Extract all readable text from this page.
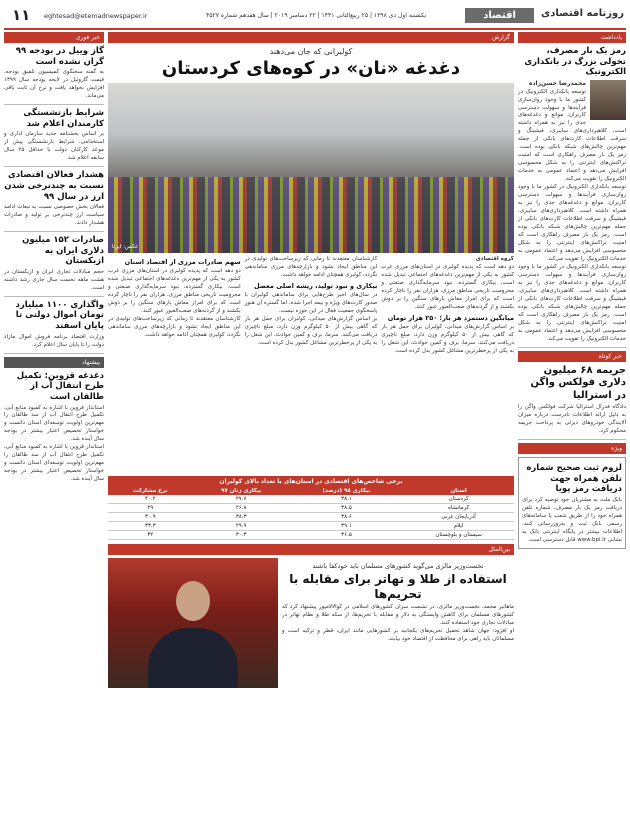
روزنامه اقتصادی
اقتصاد
یکشنبه اول دی ۱۳۹۸ | ۲۵ ربیع‌الثانی ۱۴۴۱ | ۲۲ دسامبر ۲۰۱۹ | سال هفدهم شماره ۴۵۲۷
eghtesad@etemadnewspaper.ir
۱۱
یادداشت
رمز یک بار مصرف، تحولی بزرگ در بانکداری الکترونیک
محمدرضا حسن‌زاده
توسعه بانکداری الکترونیک در کشور ما با وجود روان‌سازی فرآیندها و سهولت دسترسی کاربران، موانع و دغدغه‌های جدی را نیز به همراه داشته است. کلاهبرداری‌های سایبری، فیشینگ و سرقت اطلاعات کارت‌های بانکی از جمله مهم‌ترین چالش‌های شبکه بانکی بوده است. رمز یک بار مصرف راهکاری است که امنیت تراکنش‌های اینترنتی را به شکل محسوسی افزایش می‌دهد و اعتماد عمومی به خدمات الکترونیک را تقویت می‌کند.
توسعه بانکداری الکترونیک در کشور ما با وجود روان‌سازی فرآیندها و سهولت دسترسی کاربران، موانع و دغدغه‌های جدی را نیز به همراه داشته است. کلاهبرداری‌های سایبری، فیشینگ و سرقت اطلاعات کارت‌های بانکی از جمله مهم‌ترین چالش‌های شبکه بانکی بوده است. رمز یک بار مصرف راهکاری است که امنیت تراکنش‌های اینترنتی را به شکل محسوسی افزایش می‌دهد و اعتماد عمومی به خدمات الکترونیک را تقویت می‌کند.
توسعه بانکداری الکترونیک در کشور ما با وجود روان‌سازی فرآیندها و سهولت دسترسی کاربران، موانع و دغدغه‌های جدی را نیز به همراه داشته است. کلاهبرداری‌های سایبری، فیشینگ و سرقت اطلاعات کارت‌های بانکی از جمله مهم‌ترین چالش‌های شبکه بانکی بوده است. رمز یک بار مصرف راهکاری است که امنیت تراکنش‌های اینترنتی را به شکل محسوسی افزایش می‌دهد و اعتماد عمومی به خدمات الکترونیک را تقویت می‌کند.
خبر کوتاه
جریمه ۶۸ میلیون دلاری فولکس واگن در استرالیا
دادگاه فدرال استرالیا شرکت فولکس واگن را به دلیل ارائه اطلاعات نادرست درباره میزان آلایندگی خودروهای دیزلی به پرداخت جریمه محکوم کرد.
ویژه
لزوم ثبت صحیح شماره تلفن همراه جهت دریافت رمز پویا
بانک ملت به مشتریان خود توصیه کرد برای دریافت رمز یک بار مصرف، شماره تلفن همراه خود را از طریق شعب یا سامانه‌های رسمی بانک ثبت و به‌روزرسانی کنند. اطلاعات بیشتر در پایگاه اینترنتی بانک به نشانی www.bpi.ir قابل دسترسی است.
گزارش
کولبرانی که جان می‌دهند
دغدغه «نان» در کوه‌های کردستان
عکس: ایرنا
گروه اقتصادی
دو دهه است که پدیده کولبری در استان‌های مرزی غرب کشور به یکی از مهم‌ترین دغدغه‌های اجتماعی تبدیل شده است. بیکاری گسترده، نبود سرمایه‌گذاری صنعتی و محرومیت تاریخی مناطق مرزی، هزاران نفر را ناچار کرده است که برای امرار معاش بارهای سنگین را بر دوش بکشند و از گردنه‌های صعب‌العبور عبور کنند.
میانگین دستمزد هر بار؛ ۲۵۰ هزار تومان
بر اساس گزارش‌های میدانی، کولبران برای حمل هر بار که گاهی بیش از ۵۰ کیلوگرم وزن دارد، مبلغ ناچیزی دریافت می‌کنند. سرما، برف و کمین حوادث، این شغل را به یکی از پرخطرترین مشاغل کشور بدل کرده است.
کارشناسان معتقدند تا زمانی که زیرساخت‌های تولیدی در این مناطق ایجاد نشود و بازارچه‌های مرزی ساماندهی نگردد، کولبری همچنان ادامه خواهد داشت.
بیکاری و نبود تولید، ریشه اصلی معضل
در سال‌های اخیر طرح‌هایی برای ساماندهی کولبران با صدور کارت‌های ویژه و بیمه اجرا شده، اما گستره آن هنوز پاسخگوی جمعیت فعال در این حوزه نیست.
بر اساس گزارش‌های میدانی، کولبران برای حمل هر بار که گاهی بیش از ۵۰ کیلوگرم وزن دارد، مبلغ ناچیزی دریافت می‌کنند. سرما، برف و کمین حوادث، این شغل را به یکی از پرخطرترین مشاغل کشور بدل کرده است.
سهم صادرات مرزی از اقتصاد استان
دو دهه است که پدیده کولبری در استان‌های مرزی غرب کشور به یکی از مهم‌ترین دغدغه‌های اجتماعی تبدیل شده است. بیکاری گسترده، نبود سرمایه‌گذاری صنعتی و محرومیت تاریخی مناطق مرزی، هزاران نفر را ناچار کرده است که برای امرار معاش بارهای سنگین را بر دوش بکشند و از گردنه‌های صعب‌العبور عبور کنند.
کارشناسان معتقدند تا زمانی که زیرساخت‌های تولیدی در این مناطق ایجاد نشود و بازارچه‌های مرزی ساماندهی نگردد، کولبری همچنان ادامه خواهد داشت.
برخی شاخص‌های اقتصادی در استان‌های با تعداد بالای کولبران
استان	بیکاری ۹۸ (درصد)	بیکاری زنان ۹۷	نرخ مشارکت
کردستان	۳۸.۱	۲۷.۷	۴۰.۲
کرمانشاه	۳۸.۵	۲۶.۸	۲۹
آذربایجان غربی	۳۸.۶	۳۸.۳	۳۰.۹
ایلام	۳۹.۱	۲۹.۹	۳۳.۳
سیستان و بلوچستان	۳۶.۵	۳۰.۳	۳۲
بین‌الملل
نخست‌وزیر مالزی می‌گوید کشورهای مسلمان باید خودکفا باشند
استفاده از طلا و تهاتر برای مقابله با تحریم‌ها
ماهاتیر محمد، نخست‌وزیر مالزی، در نشست سران کشورهای اسلامی در کوالالامپور پیشنهاد کرد که کشورهای مسلمان برای کاهش وابستگی به دلار و مقابله با تحریم‌ها، از سکه طلا و نظام تهاتر در مبادلات تجاری خود استفاده کنند.
او افزود: جهان شاهد تحمیل تحریم‌های یکجانبه بر کشورهایی مانند ایران، قطر و ترکیه است و مسلمانان باید راهی برای محافظت از اقتصاد خود بیابند.
خبر فوری
گاز وییل در بودجه ۹۹ گران نشده است
به گفته سخنگوی کمیسیون تلفیق بودجه، قیمت گازوئیل در لایحه بودجه سال ۱۳۹۹ افزایش نخواهد یافت و نرخ آن ثابت باقی می‌ماند.
شرایط بازنشستگی کارمندان اعلام شد
بر اساس بخشنامه جدید سازمان اداری و استخدامی، شرایط بازنشستگی پیش از موعد کارکنان دولت با حداقل ۲۵ سال سابقه اعلام شد.
هشدار فعالان اقتصادی نسبت به چندنرخی شدن ارز در سال ۹۹
فعالان بخش خصوصی نسبت به تبعات ادامه سیاست ارز چندنرخی بر تولید و صادرات هشدار دادند.
صادرات ۱۵۲ میلیون دلاری ایران به ازبکستان
حجم مبادلات تجاری ایران و ازبکستان در هشت ماهه نخست سال جاری رشد داشته است.
واگذاری ۱۱۰۰ میلیارد تومان اموال دولتی تا پایان اسفند
وزارت اقتصاد برنامه فروش اموال مازاد دولت را تا پایان سال اعلام کرد.
پیشنهاد
دغدغه قزوین: تکمیل طرح انتقال آب از طالقان است
استاندار قزوین با اشاره به کمبود منابع آبی، تکمیل طرح انتقال آب از سد طالقان را مهم‌ترین اولویت توسعه‌ای استان دانست و خواستار تخصیص اعتبار بیشتر در بودجه سال آینده شد.
استاندار قزوین با اشاره به کمبود منابع آبی، تکمیل طرح انتقال آب از سد طالقان را مهم‌ترین اولویت توسعه‌ای استان دانست و خواستار تخصیص اعتبار بیشتر در بودجه سال آینده شد.
